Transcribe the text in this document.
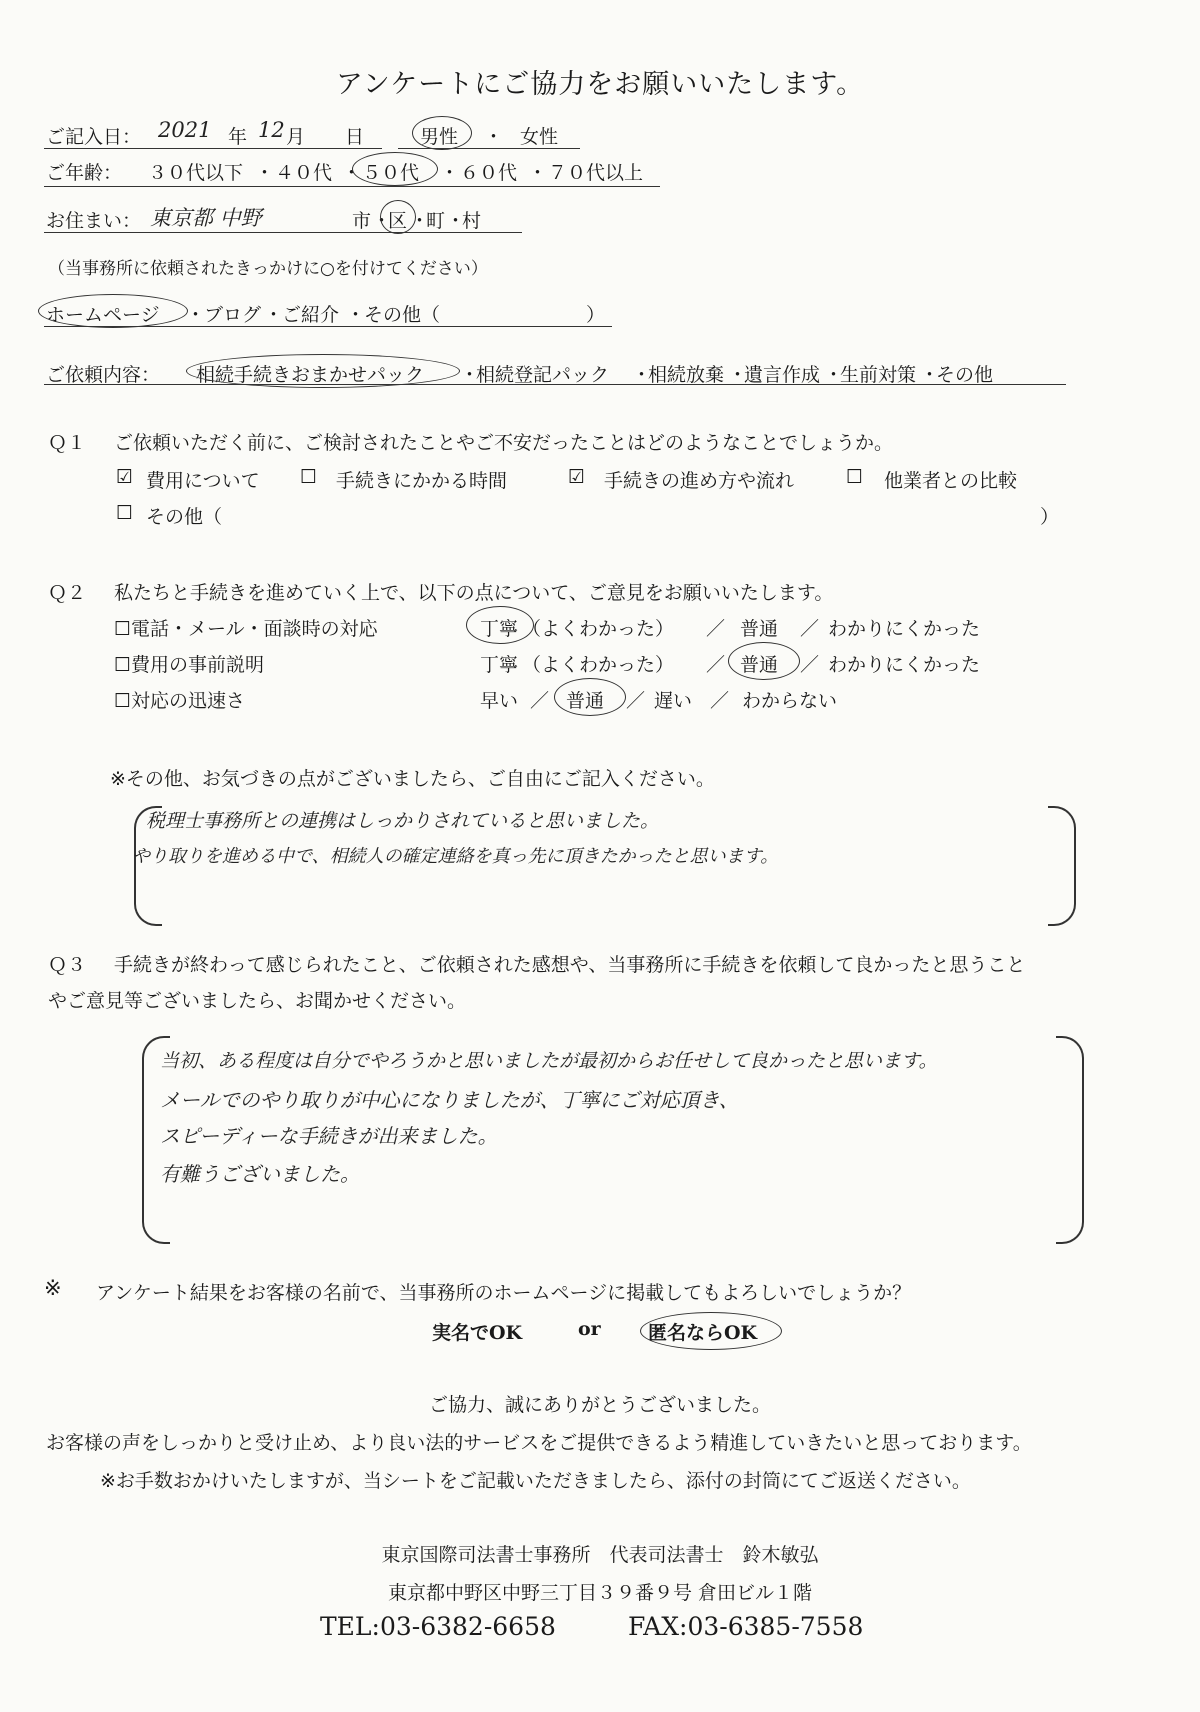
アンケートにご協力をお願いいたします。
ご記入日： 2021 年 12 月 日	男性 ・ 女性
ご年齢： ３０代以下 ・ ４０代 ・ ５０代 ・ ６０代 ・ ７０代以上
お住まい： 東京都 中野	市 ・
区 ・
町 ・
村
（当事務所に依頼されたきっかけに○を付けてください）
ホームページ ・
ブログ ・
ご紹介 ・
その他（	）
ご依頼内容： 相続手続きおまかせパック ・
相続登記パック ・
相続放棄 ・
遺言作成 ・
生前対策 ・
その他
Ｑ１ ご依頼いただく前に、ご検討されたことやご不安だったことはどのようなことでしょうか。
☑ 費用について ☐ 手続きにかかる時間	☑ 手続きの進め方や流れ	☐ 他業者との比較
☐ その他（	）
Ｑ２ 私たちと手続きを進めていく上で、以下の点について、ご意見をお願いいたします。
☐電話・メール・面談時の対応	丁寧 （よくわかった） ／ 普通 ／ わかりにくかった
☐費用の事前説明	丁寧 （よくわかった） ／ 普通 ／ わかりにくかった
☐対応の迅速さ	早い ／ 普通 ／ 遅い ／ わからない
※その他、お気づきの点がございましたら、ご自由にご記入ください。
税理士事務所との連携はしっかりされていると思いました。
やり取りを進める中で、相続人の確定連絡を真っ先に頂きたかったと思います。
Ｑ３ 手続きが終わって感じられたこと、ご依頼された感想や、当事務所に手続きを依頼して良かったと思うこと
やご意見等ございましたら、お聞かせください。
当初、ある程度は自分でやろうかと思いましたが最初からお任せして良かったと思います。
メールでのやり取りが中心になりましたが、丁寧にご対応頂き、
スピーディーな手続きが出来ました。
有難うございました。
※ アンケート結果をお客様の名前で、当事務所のホームページに掲載してもよろしいでしょうか？
実名でOK	or 匿名ならOK
ご協力、誠にありがとうございました。
お客様の声をしっかりと受け止め、より良い法的サービスをご提供できるよう精進していきたいと思っております。
※お手数おかけいたしますが、当シートをご記載いただきましたら、添付の封筒にてご返送ください。
東京国際司法書士事務所　代表司法書士　鈴木敏弘
東京都中野区中野三丁目３９番９号 倉田ビル１階
TEL:03-6382-6658	FAX:03-6385-7558
